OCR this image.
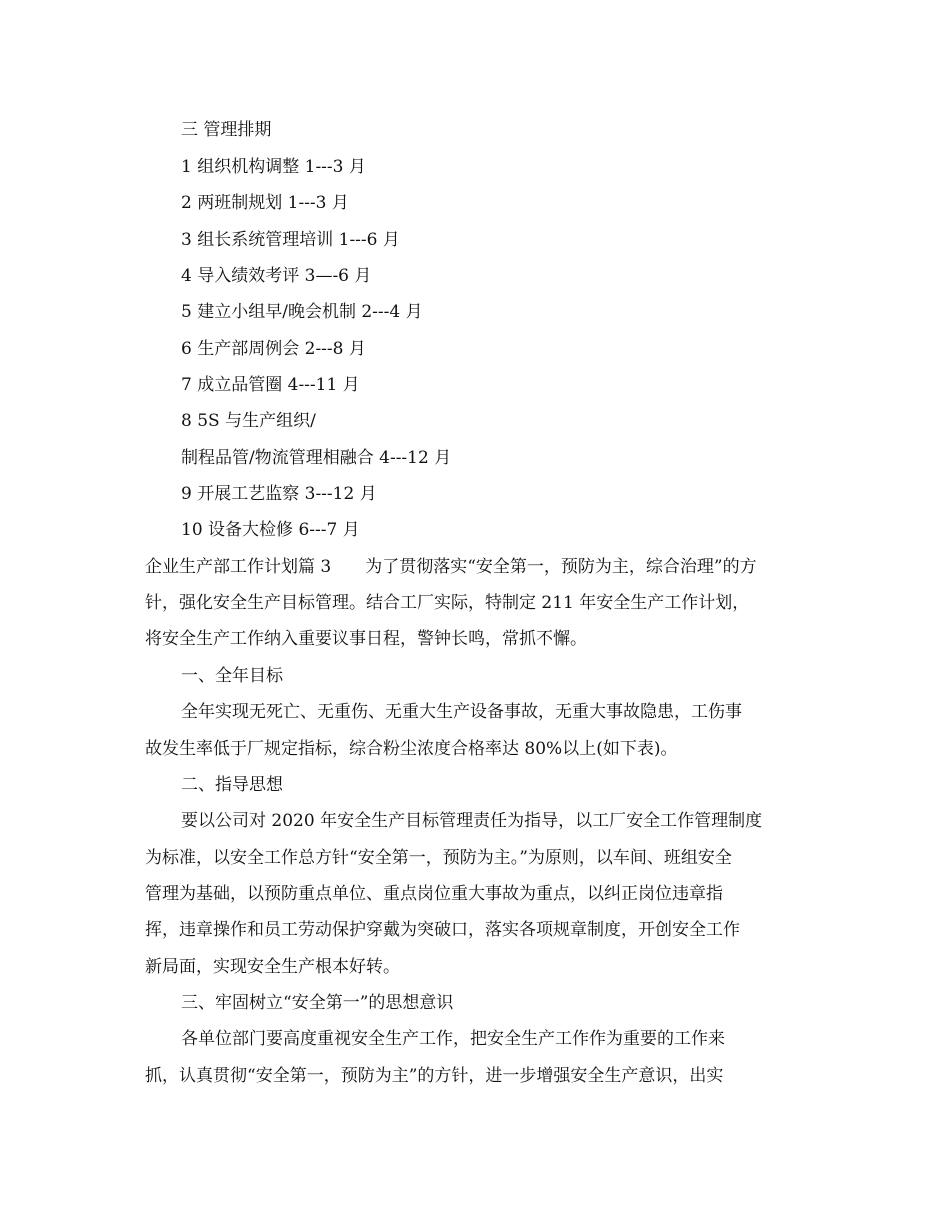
三 管理排期
1 组织机构调整 1---3 月
2 两班制规划 1---3 月
3 组长系统管理培训 1---6 月
4 导入绩效考评 3—-6 月
5 建立小组早/晚会机制 2---4 月
6 生产部周例会 2---8 月
7 成立品管圈 4---11 月
8 5S 与生产组织/
制程品管/物流管理相融合 4---12 月
9 开展工艺监察 3---12 月
10 设备大检修 6---7 月
企业生产部工作计划篇 3 为了贯彻落实“安全第一，预防为主，综合治理”的方
针，强化安全生产目标管理。结合工厂实际，特制定 211 年安全生产工作计划，
将安全生产工作纳入重要议事日程，警钟长鸣，常抓不懈。
一、全年目标
全年实现无死亡、无重伤、无重大生产设备事故，无重大事故隐患，工伤事
故发生率低于厂规定指标，综合粉尘浓度合格率达 80%以上(如下表)。
二、指导思想
要以公司对 2020 年安全生产目标管理责任为指导，以工厂安全工作管理制度
为标准，以安全工作总方针“安全第一，预防为主。”为原则，以车间、班组安全
管理为基础，以预防重点单位、重点岗位重大事故为重点，以纠正岗位违章指
挥，违章操作和员工劳动保护穿戴为突破口，落实各项规章制度，开创安全工作
新局面，实现安全生产根本好转。
三、牢固树立“安全第一”的思想意识
各单位部门要高度重视安全生产工作，把安全生产工作作为重要的工作来
抓，认真贯彻“安全第一，预防为主”的方针，进一步增强安全生产意识，出实
